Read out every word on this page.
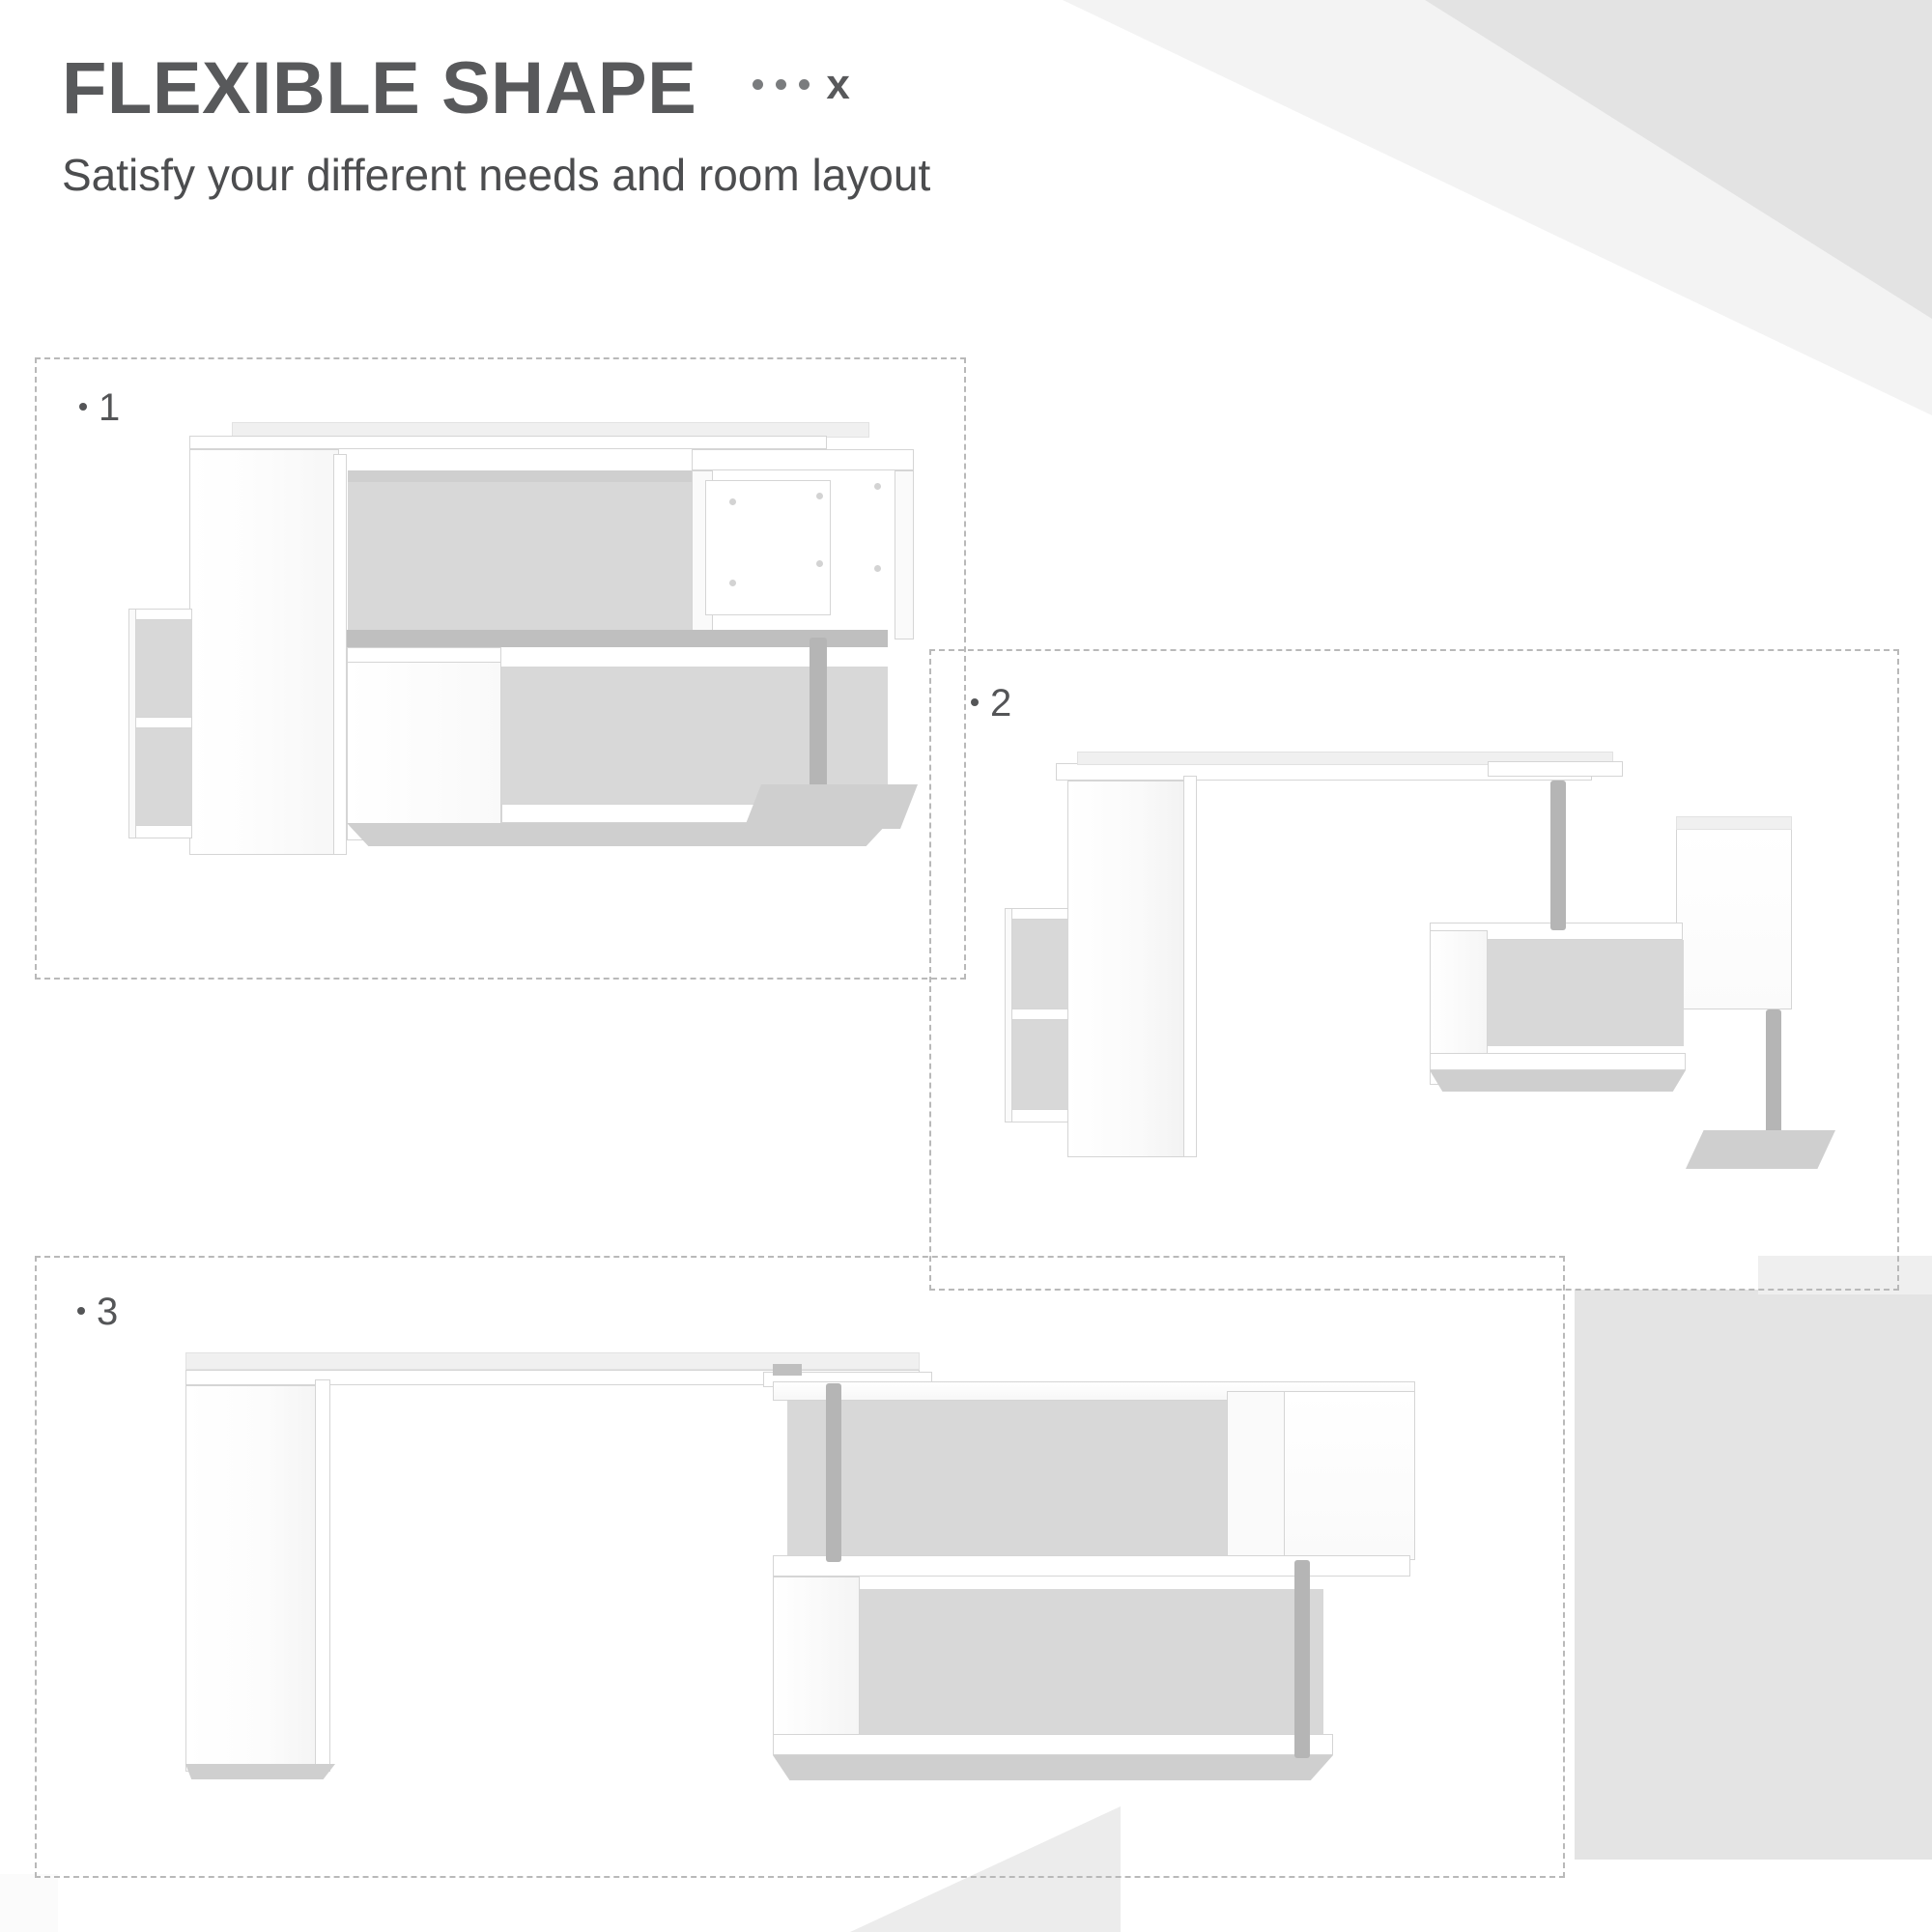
FLEXIBLE SHAPE	x
Satisfy your different needs and room layout
1
2
3
